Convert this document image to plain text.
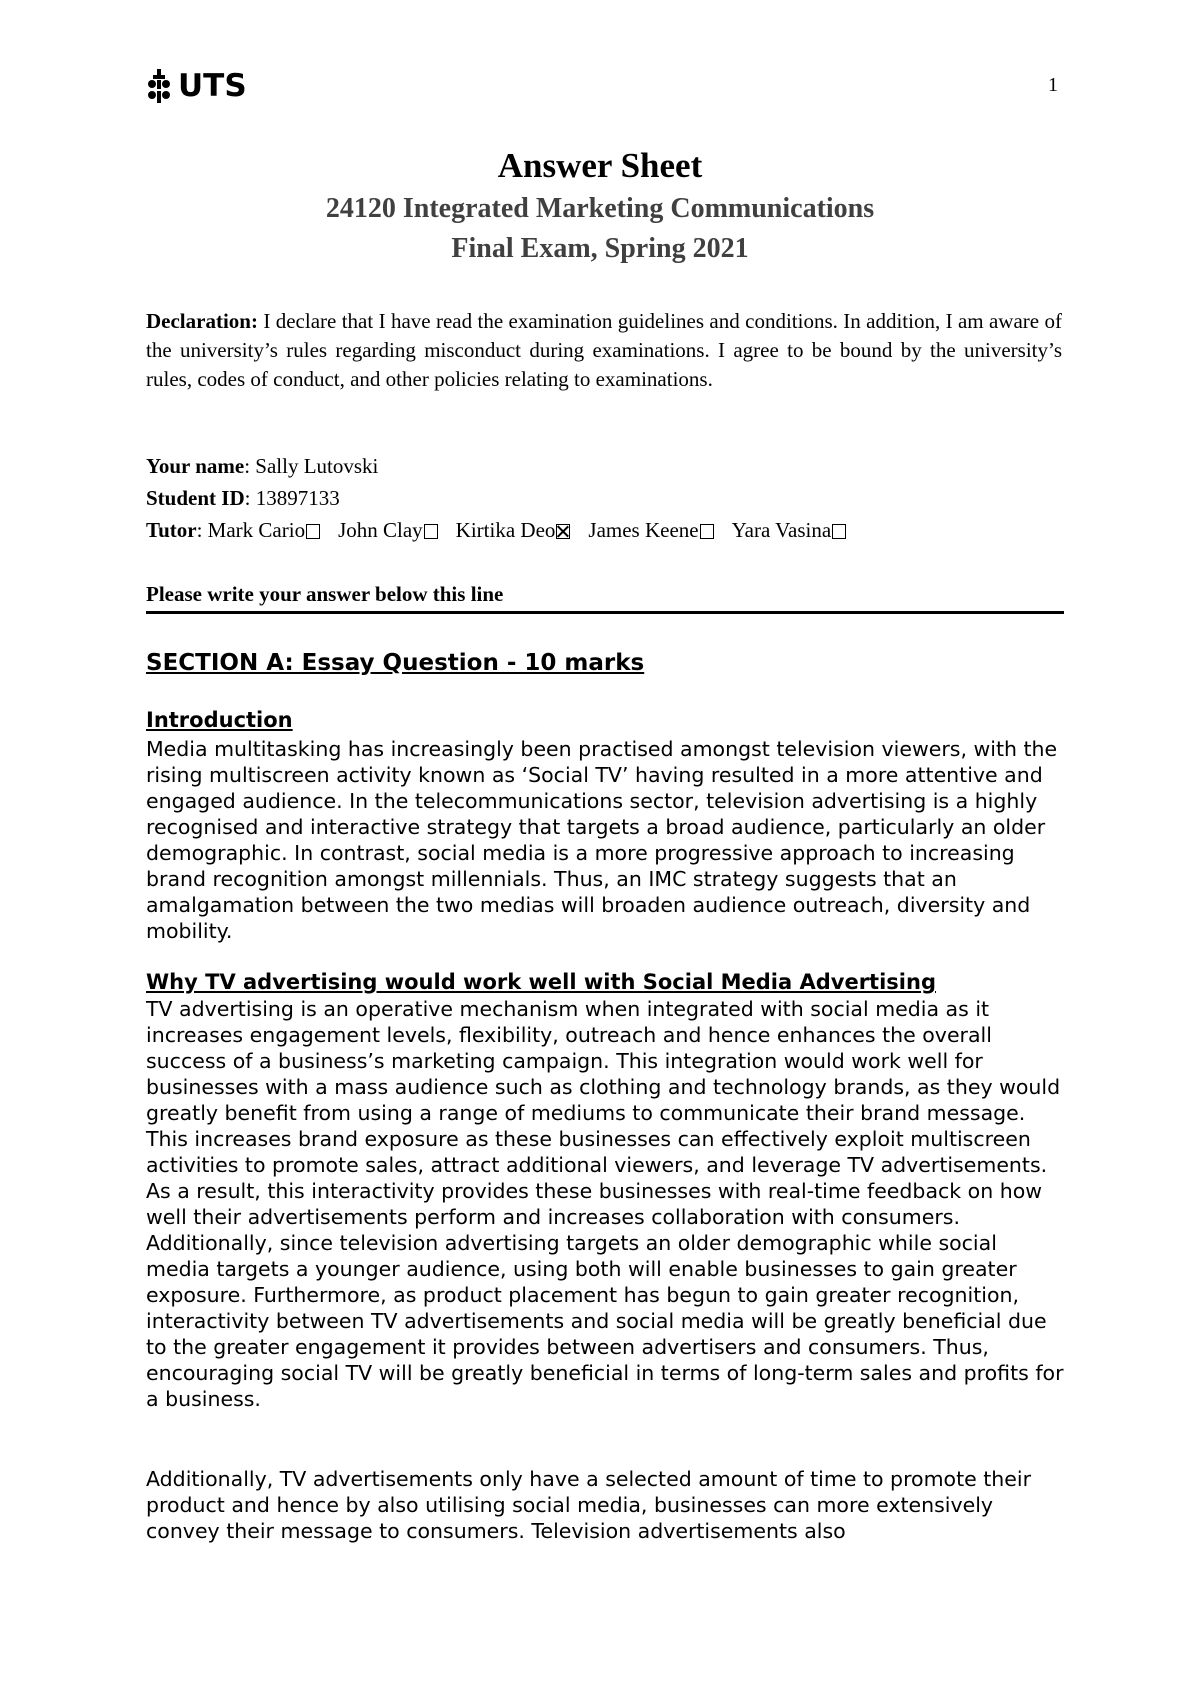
UTS	1
Answer Sheet
24120 Integrated Marketing Communications
Final Exam, Spring 2021

Declaration: I declare that I have read the examination guidelines and conditions. In addition, I am aware of the university’s rules regarding misconduct during examinations. I agree to be bound by the university’s rules, codes of conduct, and other policies relating to examinations.

Your name: Sally Lutovski
Student ID: 13897133
Tutor: Mark Cario John Clay Kirtika Deo James Keene Yara Vasina
Please write your answer below this line
SECTION A: Essay Question - 10 marks
Introduction

Media multitasking has increasingly been practised amongst television viewers, with the rising multiscreen activity known as ‘Social TV’ having resulted in a more attentive and engaged audience. In the telecommunications sector, television advertising is a highly recognised and interactive strategy that targets a broad audience, particularly an older demographic. In contrast, social media is a more progressive approach to increasing brand recognition amongst millennials. Thus, an IMC strategy suggests that an amalgamation between the two medias will broaden audience outreach, diversity and mobility.

Why TV advertising would work well with Social Media Advertising

TV advertising is an operative mechanism when integrated with social media as it increases engagement levels, flexibility, outreach and hence enhances the overall success of a business’s marketing campaign. This integration would work well for businesses with a mass audience such as clothing and technology brands, as they would greatly benefit from using a range of mediums to communicate their brand message. This increases brand exposure as these businesses can effectively exploit multiscreen activities to promote sales, attract additional viewers, and leverage TV advertisements. As a result, this interactivity provides these businesses with real-time feedback on how well their advertisements perform and increases collaboration with consumers. Additionally, since television advertising targets an older demographic while social media targets a younger audience, using both will enable businesses to gain greater exposure. Furthermore, as product placement has begun to gain greater recognition, interactivity between TV advertisements and social media will be greatly beneficial due to the greater engagement it provides between advertisers and consumers. Thus, encouraging social TV will be greatly beneficial in terms of long-term sales and profits for a business.

Additionally, TV advertisements only have a selected amount of time to promote their product and hence by also utilising social media, businesses can more extensively convey their message to consumers. Television advertisements also
